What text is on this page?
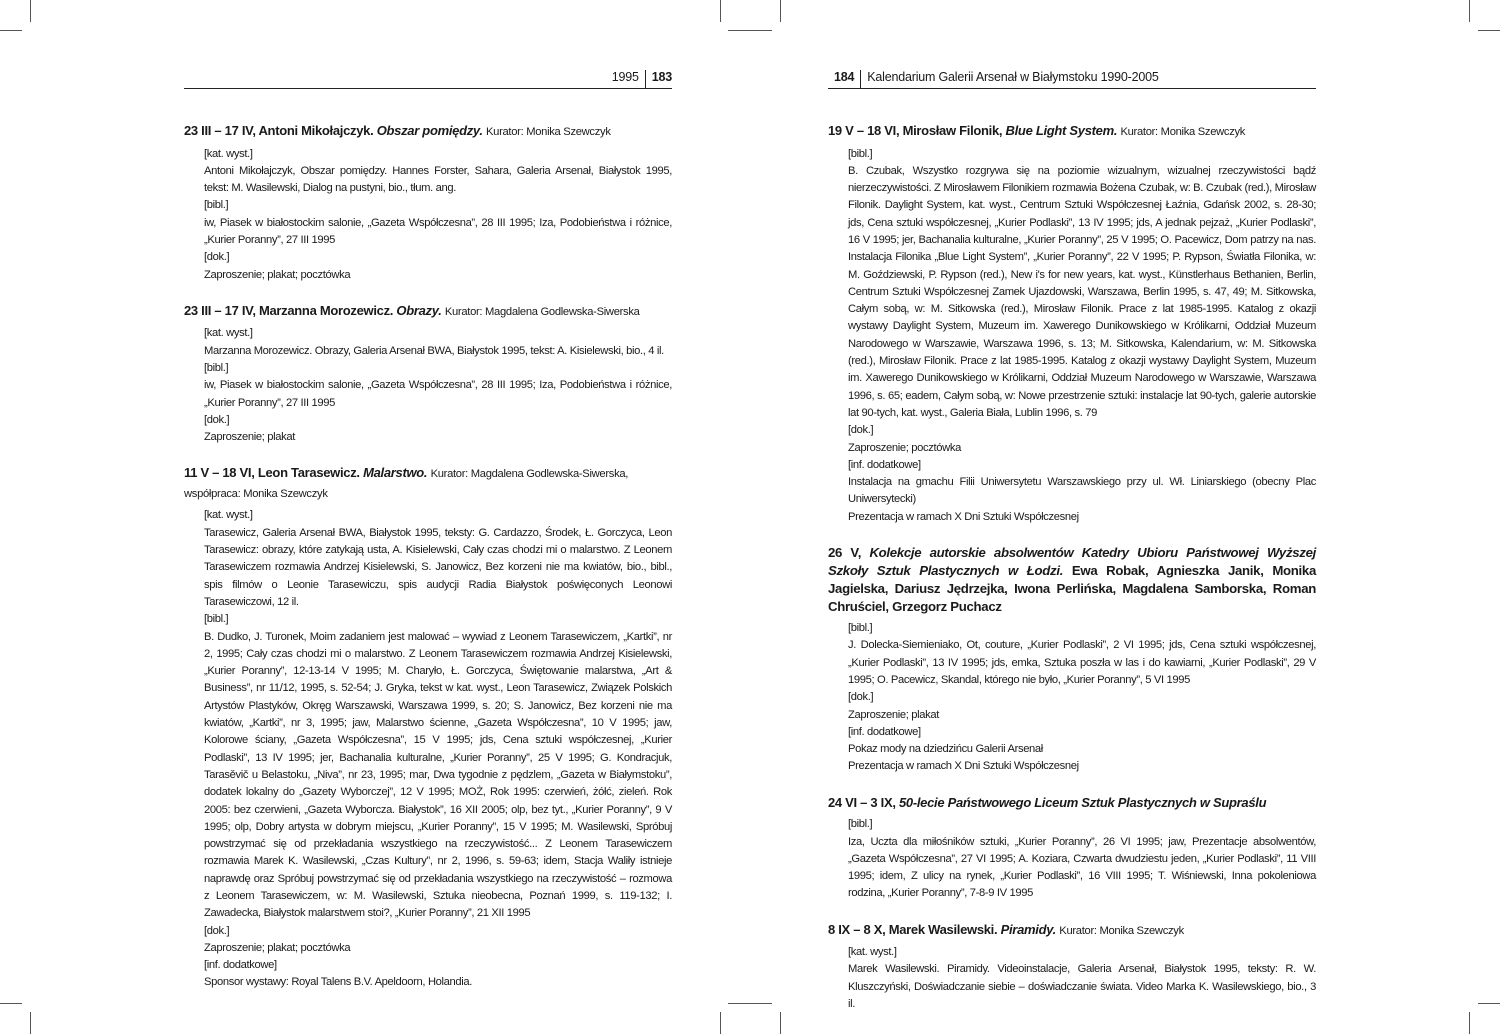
1995	183
23 III – 17 IV, Antoni Mikołajczyk. Obszar pomiędzy. Kurator: Monika Szewczyk
[kat. wyst.]
Antoni Mikołajczyk, Obszar pomiędzy. Hannes Forster, Sahara, Galeria Arsenał, Białystok 1995, tekst: M. Wasilewski, Dialog na pustyni, bio., tłum. ang.
[bibl.]
iw, Piasek w białostockim salonie, „Gazeta Współczesna”, 28 III 1995; Iza, Podobieństwa i różnice, „Kurier Poranny”, 27 III 1995
[dok.]
Zaproszenie; plakat; pocztówka
23 III – 17 IV, Marzanna Morozewicz. Obrazy. Kurator: Magdalena Godlewska-Siwerska
[kat. wyst.]
Marzanna Morozewicz. Obrazy, Galeria Arsenał BWA, Białystok 1995, tekst: A. Kisielewski, bio., 4 il.
[bibl.]
iw, Piasek w białostockim salonie, „Gazeta Współczesna”, 28 III 1995; Iza, Podobieństwa i różnice, „Kurier Poranny”, 27 III 1995
[dok.]
Zaproszenie; plakat
11 V – 18 VI, Leon Tarasewicz. Malarstwo. Kurator: Magdalena Godlewska-Siwerska, współpraca: Monika Szewczyk
[kat. wyst.]
Tarasewicz, Galeria Arsenał BWA, Białystok 1995, teksty: G. Cardazzo, Środek, Ł. Gorczyca, Leon Tarasewicz: obrazy, które zatykają usta, A. Kisielewski, Cały czas chodzi mi o malarstwo. Z Leonem Tarasewiczem rozmawia Andrzej Kisielewski, S. Janowicz, Bez korzeni nie ma kwiatów, bio., bibl., spis filmów o Leonie Tarasewiczu, spis audycji Radia Białystok poświęconych Leonowi Tarasewiczowi, 12 il.
[bibl.]
B. Dudko, J. Turonek, Moim zadaniem jest malować – wywiad z Leonem Tarasewiczem, „Kartki”, nr 2, 1995; Cały czas chodzi mi o malarstwo. Z Leonem Tarasewiczem rozmawia Andrzej Kisielewski, „Kurier Poranny”, 12-13-14 V 1995; M. Charyło, Ł. Gorczyca, Świętowanie malarstwa, „Art & Business”, nr 11/12, 1995, s. 52-54; J. Gryka, tekst w kat. wyst., Leon Tarasewicz, Związek Polskich Artystów Plastyków, Okręg Warszawski, Warszawa 1999, s. 20; S. Janowicz, Bez korzeni nie ma kwiatów, „Kartki”, nr 3, 1995; jaw, Malarstwo ścienne, „Gazeta Współczesna”, 10 V 1995; jaw, Kolorowe ściany, „Gazeta Współczesna”, 15 V 1995; jds, Cena sztuki współczesnej, „Kurier Podlaski”, 13 IV 1995; jer, Bachanalia kulturalne, „Kurier Poranny”, 25 V 1995; G. Kondracjuk, Tarasěvič u Belastoku, „Niva”, nr 23, 1995; mar, Dwa tygodnie z pędzlem, „Gazeta w Białymstoku”, dodatek lokalny do „Gazety Wyborczej”, 12 V 1995; MOŻ, Rok 1995: czerwień, żółć, zieleń. Rok 2005: bez czerwieni, „Gazeta Wyborcza. Białystok”, 16 XII 2005; olp, bez tyt., „Kurier Poranny”, 9 V 1995; olp, Dobry artysta w dobrym miejscu, „Kurier Poranny”, 15 V 1995; M. Wasilewski, Spróbuj powstrzymać się od przekładania wszystkiego na rzeczywistość... Z Leonem Tarasewiczem rozmawia Marek K. Wasilewski, „Czas Kultury”, nr 2, 1996, s. 59-63; idem, Stacja Waliły istnieje naprawdę oraz Spróbuj powstrzymać się od przekładania wszystkiego na rzeczywistość – rozmowa z Leonem Tarasewiczem, w: M. Wasilewski, Sztuka nieobecna, Poznań 1999, s. 119-132; I. Zawadecka, Białystok malarstwem stoi?, „Kurier Poranny”, 21 XII 1995
[dok.]
Zaproszenie; plakat; pocztówka
[inf. dodatkowe]
Sponsor wystawy: Royal Talens B.V. Apeldoorn, Holandia.
184	Kalendarium Galerii Arsenał w Białymstoku 1990-2005
19 V – 18 VI, Mirosław Filonik, Blue Light System. Kurator: Monika Szewczyk
[bibl.]
B. Czubak, Wszystko rozgrywa się na poziomie wizualnym, wizualnej rzeczywistości bądź nierzeczywistości. Z Mirosławem Filonikiem rozmawia Bożena Czubak, w: B. Czubak (red.), Mirosław Filonik. Daylight System, kat. wyst., Centrum Sztuki Współczesnej Łaźnia, Gdańsk 2002, s. 28-30; jds, Cena sztuki współczesnej, „Kurier Podlaski”, 13 IV 1995; jds, A jednak pejzaż, „Kurier Podlaski”, 16 V 1995; jer, Bachanalia kulturalne, „Kurier Poranny”, 25 V 1995; O. Pacewicz, Dom patrzy na nas. Instalacja Filonika „Blue Light System”, „Kurier Poranny”, 22 V 1995; P. Rypson, Światła Filonika, w: M. Goździewski, P. Rypson (red.), New i's for new years, kat. wyst., Künstlerhaus Bethanien, Berlin, Centrum Sztuki Współczesnej Zamek Ujazdowski, Warszawa, Berlin 1995, s. 47, 49; M. Sitkowska, Całym sobą, w: M. Sitkowska (red.), Mirosław Filonik. Prace z lat 1985-1995. Katalog z okazji wystawy Daylight System, Muzeum im. Xawerego Dunikowskiego w Królikarni, Oddział Muzeum Narodowego w Warszawie, Warszawa 1996, s. 13; M. Sitkowska, Kalendarium, w: M. Sitkowska (red.), Mirosław Filonik. Prace z lat 1985-1995. Katalog z okazji wystawy Daylight System, Muzeum im. Xawerego Dunikowskiego w Królikarni, Oddział Muzeum Narodowego w Warszawie, Warszawa 1996, s. 65; eadem, Całym sobą, w: Nowe przestrzenie sztuki: instalacje lat 90-tych, galerie autorskie lat 90-tych, kat. wyst., Galeria Biała, Lublin 1996, s. 79
[dok.]
Zaproszenie; pocztówka
[inf. dodatkowe]
Instalacja na gmachu Filii Uniwersytetu Warszawskiego przy ul. Wł. Liniarskiego (obecny Plac Uniwersytecki)
Prezentacja w ramach X Dni Sztuki Współczesnej
26 V, Kolekcje autorskie absolwentów Katedry Ubioru Państwowej Wyższej Szkoły Sztuk Plastycznych w Łodzi. Ewa Robak, Agnieszka Janik, Monika Jagielska, Dariusz Jędrzejka, Iwona Perlińska, Magdalena Samborska, Roman Chruściel, Grzegorz Puchacz
[bibl.]
J. Dolecka-Siemieniako, Ot, couture, „Kurier Podlaski”, 2 VI 1995; jds, Cena sztuki współczesnej, „Kurier Podlaski”, 13 IV 1995; jds, emka, Sztuka poszła w las i do kawiarni, „Kurier Podlaski”, 29 V 1995; O. Pacewicz, Skandal, którego nie było, „Kurier Poranny”, 5 VI 1995
[dok.]
Zaproszenie; plakat
[inf. dodatkowe]
Pokaz mody na dziedzińcu Galerii Arsenał
Prezentacja w ramach X Dni Sztuki Współczesnej
24 VI – 3 IX, 50-lecie Państwowego Liceum Sztuk Plastycznych w Supraślu
[bibl.]
Iza, Uczta dla miłośników sztuki, „Kurier Poranny”, 26 VI 1995; jaw, Prezentacje absolwentów, „Gazeta Współczesna”, 27 VI 1995; A. Koziara, Czwarta dwudziestu jeden, „Kurier Podlaski”, 11 VIII 1995; idem, Z ulicy na rynek, „Kurier Podlaski”, 16 VIII 1995; T. Wiśniewski, Inna pokoleniowa rodzina, „Kurier Poranny”, 7-8-9 IV 1995
8 IX – 8 X, Marek Wasilewski. Piramidy. Kurator: Monika Szewczyk
[kat. wyst.]
Marek Wasilewski. Piramidy. Videoinstalacje, Galeria Arsenał, Białystok 1995, teksty: R. W. Kluszczyński, Doświadczanie siebie – doświadczanie świata. Video Marka K. Wasilewskiego, bio., 3 il.
